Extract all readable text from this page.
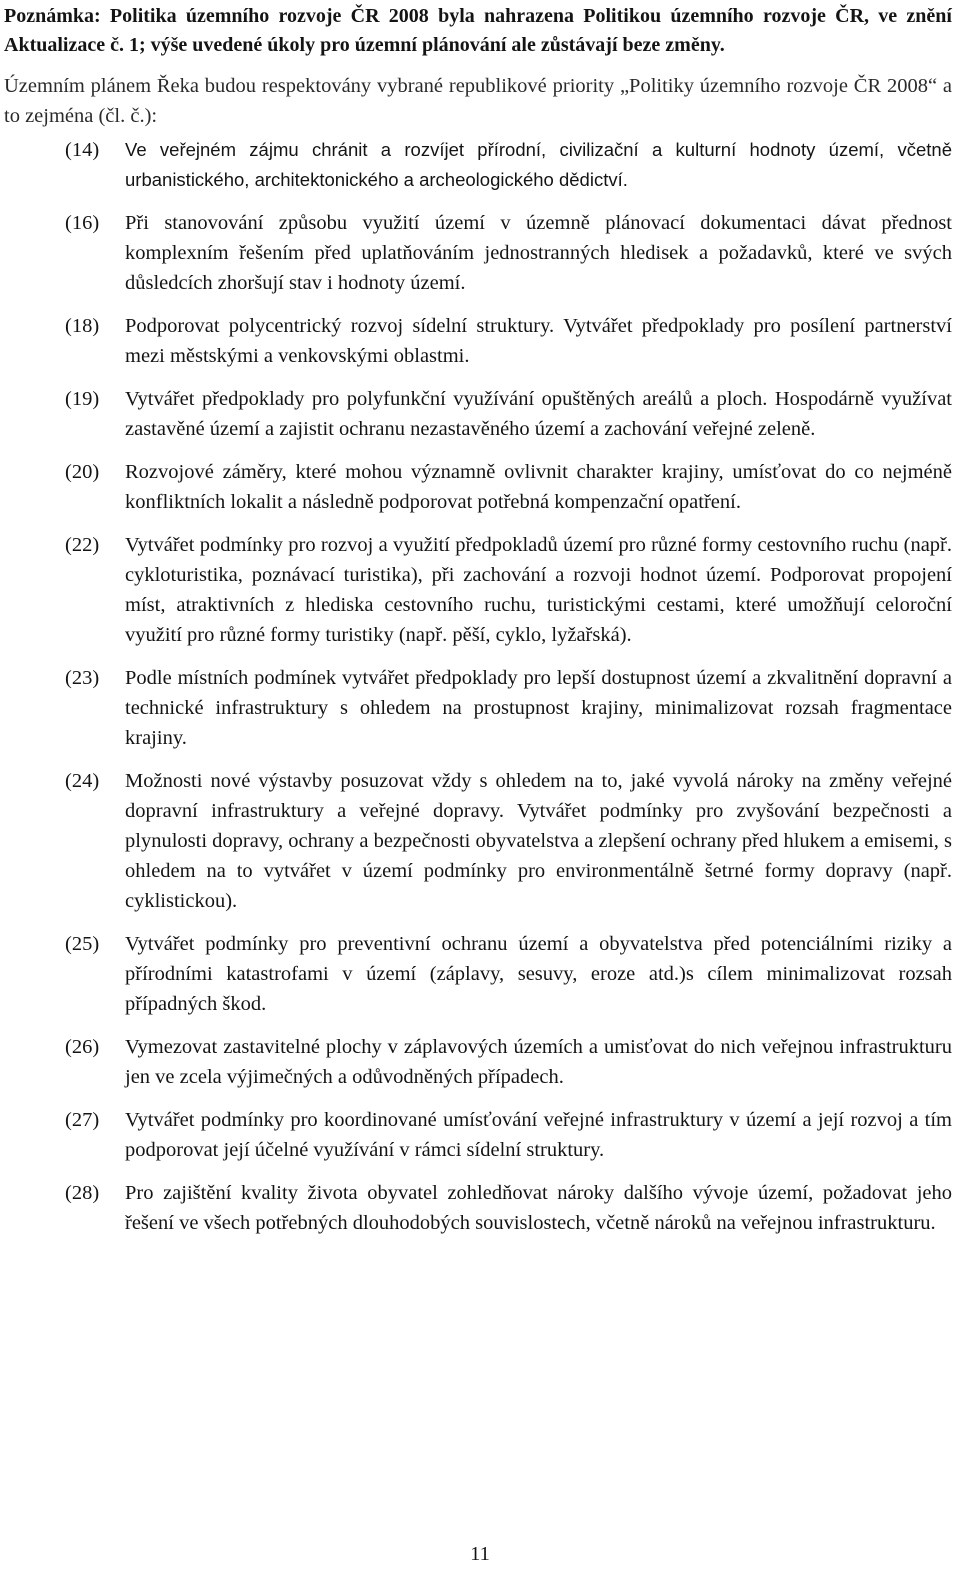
Poznámka: Politika územního rozvoje ČR 2008 byla nahrazena Politikou územního rozvoje ČR, ve znění Aktualizace č. 1; výše uvedené úkoly pro územní plánování ale zůstávají beze změny.

Územním plánem Řeka budou respektovány vybrané republikové priority „Politiky územního rozvoje ČR 2008“ a to zejména (čl. č.):

(14)	Ve veřejném zájmu chránit a rozvíjet přírodní, civilizační a kulturní hodnoty území, včetně urbanistického, architektonického a archeologického dědictví.
(16)	Při stanovování způsobu využití území v územně plánovací dokumentaci dávat přednost komplexním řešením před uplatňováním jednostranných hledisek a požadavků, které ve svých důsledcích zhoršují stav i hodnoty území.
(18)	Podporovat polycentrický rozvoj sídelní struktury. Vytvářet předpoklady pro posílení partnerství mezi městskými a venkovskými oblastmi.
(19)	Vytvářet předpoklady pro polyfunkční využívání opuštěných areálů a ploch. Hospodárně využívat zastavěné území a zajistit ochranu nezastavěného území a zachování veřejné zeleně.
(20)	Rozvojové záměry, které mohou významně ovlivnit charakter krajiny, umísťovat do co nejméně konfliktních lokalit a následně podporovat potřebná kompenzační opatření.
(22)	Vytvářet podmínky pro rozvoj a využití předpokladů území pro různé formy cestovního ruchu (např. cykloturistika, poznávací turistika), při zachování a rozvoji hodnot území. Podporovat propojení míst, atraktivních z hlediska cestovního ruchu, turistickými cestami, které umožňují celoroční využití pro různé formy turistiky (např. pěší, cyklo, lyžařská).
(23)	Podle místních podmínek vytvářet předpoklady pro lepší dostupnost území a zkvalitnění dopravní a technické infrastruktury s ohledem na prostupnost krajiny, minimalizovat rozsah fragmentace krajiny.
(24)	Možnosti nové výstavby posuzovat vždy s ohledem na to, jaké vyvolá nároky na změny veřejné dopravní infrastruktury a veřejné dopravy. Vytvářet podmínky pro zvyšování bezpečnosti a plynulosti dopravy, ochrany a bezpečnosti obyvatelstva a zlepšení ochrany před hlukem a emisemi, s ohledem na to vytvářet v území podmínky pro environmentálně šetrné formy dopravy (např. cyklistickou).
(25)	Vytvářet podmínky pro preventivní ochranu území a obyvatelstva před potenciálními riziky a přírodními katastrofami v území (záplavy, sesuvy, eroze atd.)s cílem minimalizovat rozsah případných škod.
(26)	Vymezovat zastavitelné plochy v záplavových územích a umisťovat do nich veřejnou infrastrukturu jen ve zcela výjimečných a odůvodněných případech.
(27)	Vytvářet podmínky pro koordinované umísťování veřejné infrastruktury v území a její rozvoj a tím podporovat její účelné využívání v rámci sídelní struktury.
(28)	Pro zajištění kvality života obyvatel zohledňovat nároky dalšího vývoje území, požadovat jeho řešení ve všech potřebných dlouhodobých souvislostech, včetně nároků na veřejnou infrastrukturu.
11
